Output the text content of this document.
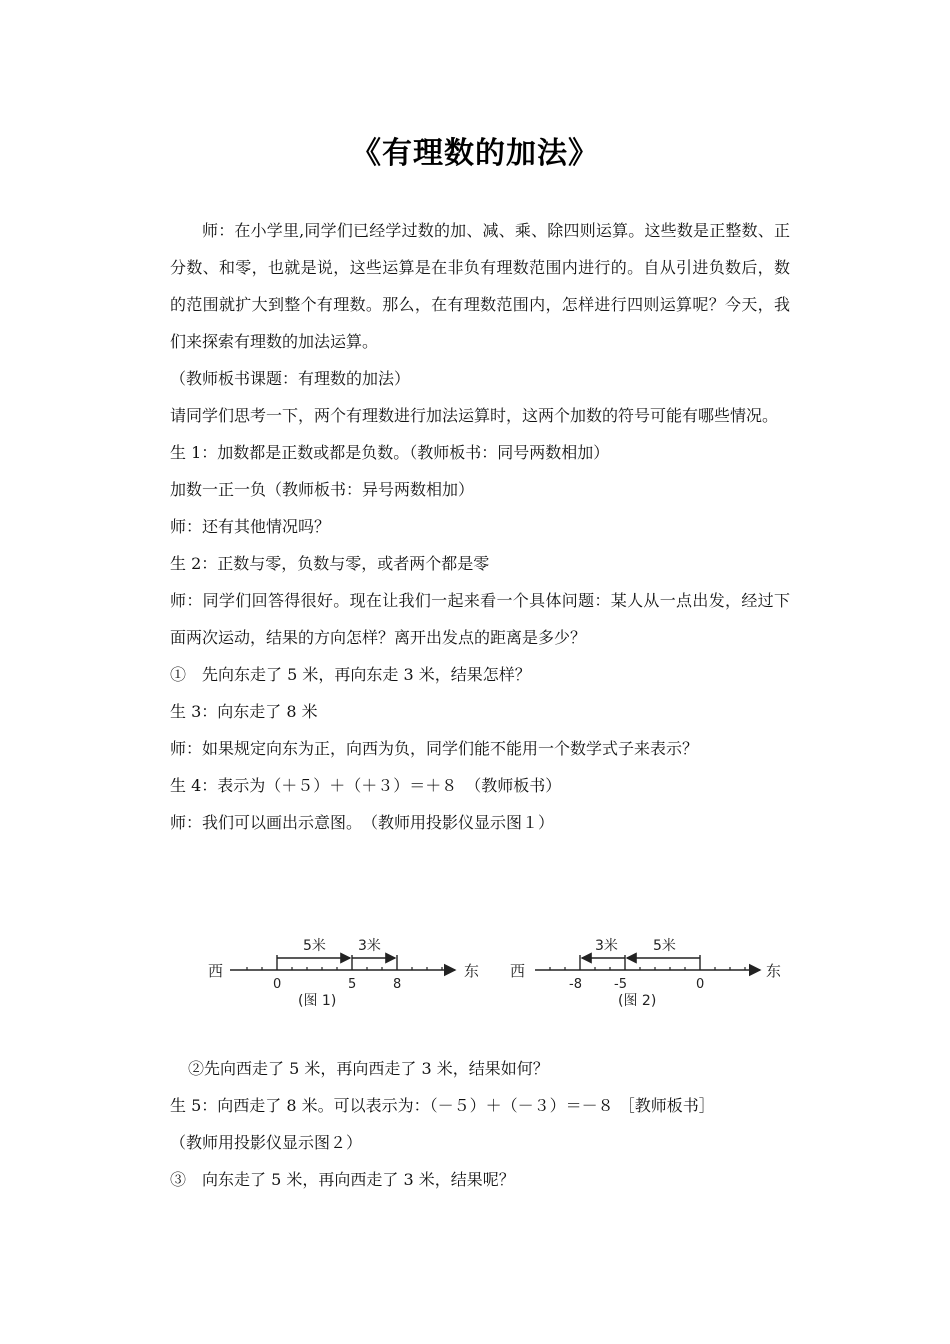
《有理数的加法》

师：在小学里,同学们已经学过数的加、减、乘、除四则运算。这些数是正整数、正分数、和零，也就是说，这些运算是在非负有理数范围内进行的。自从引进负数后，数的范围就扩大到整个有理数。那么，在有理数范围内，怎样进行四则运算呢？今天，我们来探索有理数的加法运算。

（教师板书课题：有理数的加法）

请同学们思考一下，两个有理数进行加法运算时，这两个加数的符号可能有哪些情况。

生 1：加数都是正数或都是负数。（教师板书：同号两数相加）

加数一正一负（教师板书：异号两数相加）

师：还有其他情况吗？

生 2：正数与零，负数与零，或者两个都是零

师：同学们回答得很好。现在让我们一起来看一个具体问题：某人从一点出发，经过下面两次运动，结果的方向怎样？离开出发点的距离是多少？

①　先向东走了 5 米，再向东走 3 米，结果怎样？

生 3：向东走了 8 米

师：如果规定向东为正，向西为负，同学们能不能用一个数学式子来表示？

生 4：表示为（＋５）＋（＋３）＝＋８　（教师板书）

师：我们可以画出示意图。　（教师用投影仪显示图１）

西
5米 3米
东
0	5	8
(图 1)
西
3米	5米
东
-8 -5	0
(图 2)

②先向西走了 5 米，再向西走了 3 米，结果如何？

生 5：向西走了 8 米。可以表示为：（－５）＋（－３）＝－８ ［教师板书］

（教师用投影仪显示图２）

③　向东走了 5 米，再向西走了 3 米，结果呢？
